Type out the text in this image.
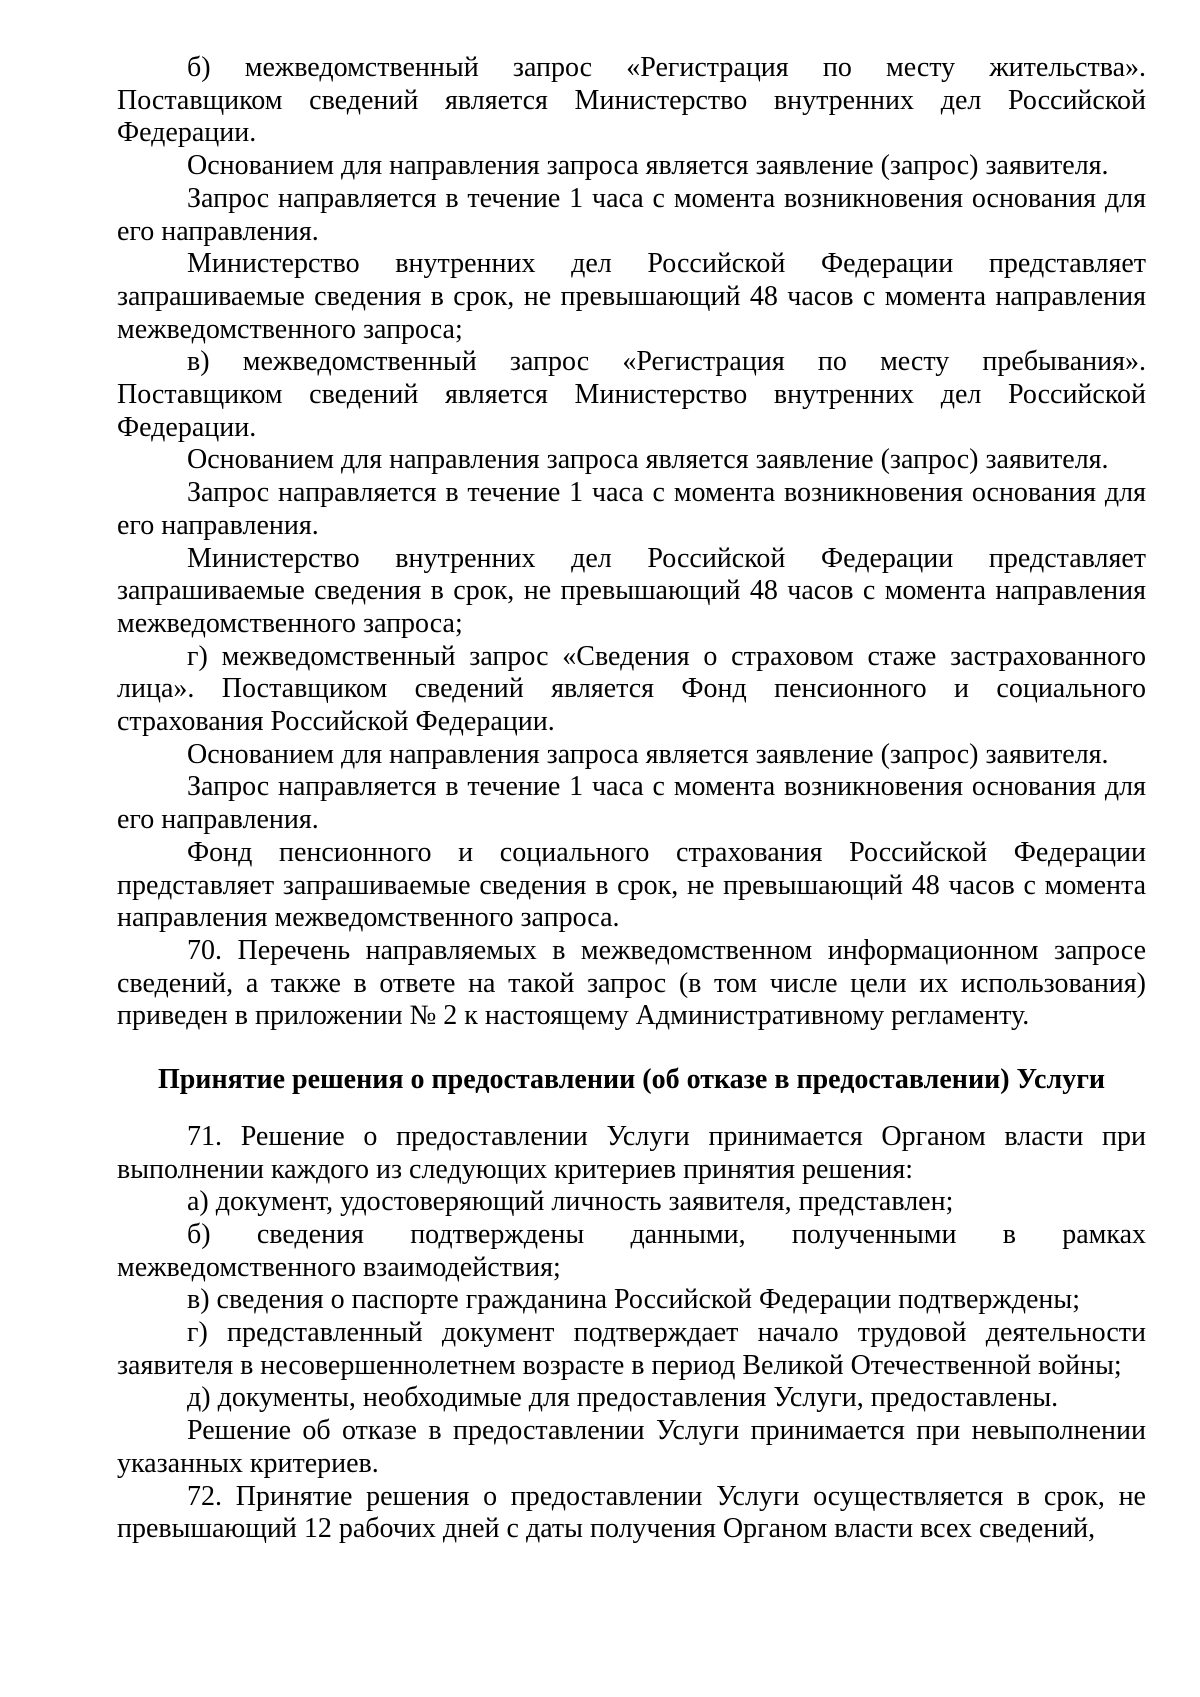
б) межведомственный запрос «Регистрация по месту жительства». Поставщиком сведений является Министерство внутренних дел Российской Федерации.

Основанием для направления запроса является заявление (запрос) заявителя.

Запрос направляется в течение 1 часа с момента возникновения основания для его направления.

Министерство внутренних дел Российской Федерации представляет запрашиваемые сведения в срок, не превышающий 48 часов с момента направления межведомственного запроса;

в) межведомственный запрос «Регистрация по месту пребывания». Поставщиком сведений является Министерство внутренних дел Российской Федерации.

Основанием для направления запроса является заявление (запрос) заявителя.

Запрос направляется в течение 1 часа с момента возникновения основания для его направления.

Министерство внутренних дел Российской Федерации представляет запрашиваемые сведения в срок, не превышающий 48 часов с момента направления межведомственного запроса;

г) межведомственный запрос «Сведения о страховом стаже застрахованного лица». Поставщиком сведений является Фонд пенсионного и социального страхования Российской Федерации.

Основанием для направления запроса является заявление (запрос) заявителя.

Запрос направляется в течение 1 часа с момента возникновения основания для его направления.

Фонд пенсионного и социального страхования Российской Федерации представляет запрашиваемые сведения в срок, не превышающий 48 часов с момента направления межведомственного запроса.

70. Перечень направляемых в межведомственном информационном запросе сведений, а также в ответе на такой запрос (в том числе цели их использования) приведен в приложении № 2 к настоящему Административному регламенту.

Принятие решения о предоставлении (об отказе в предоставлении) Услуги

71. Решение о предоставлении Услуги принимается Органом власти при выполнении каждого из следующих критериев принятия решения:

а) документ, удостоверяющий личность заявителя, представлен;

б) сведения подтверждены данными, полученными в рамках межведомственного взаимодействия;

в) сведения о паспорте гражданина Российской Федерации подтверждены;

г) представленный документ подтверждает начало трудовой деятельности заявителя в несовершеннолетнем возрасте в период Великой Отечественной войны;

д) документы, необходимые для предоставления Услуги, предоставлены.

Решение об отказе в предоставлении Услуги принимается при невыполнении указанных критериев.

72. Принятие решения о предоставлении Услуги осуществляется в срок, не превышающий 12 рабочих дней с даты получения Органом власти всех сведений,
